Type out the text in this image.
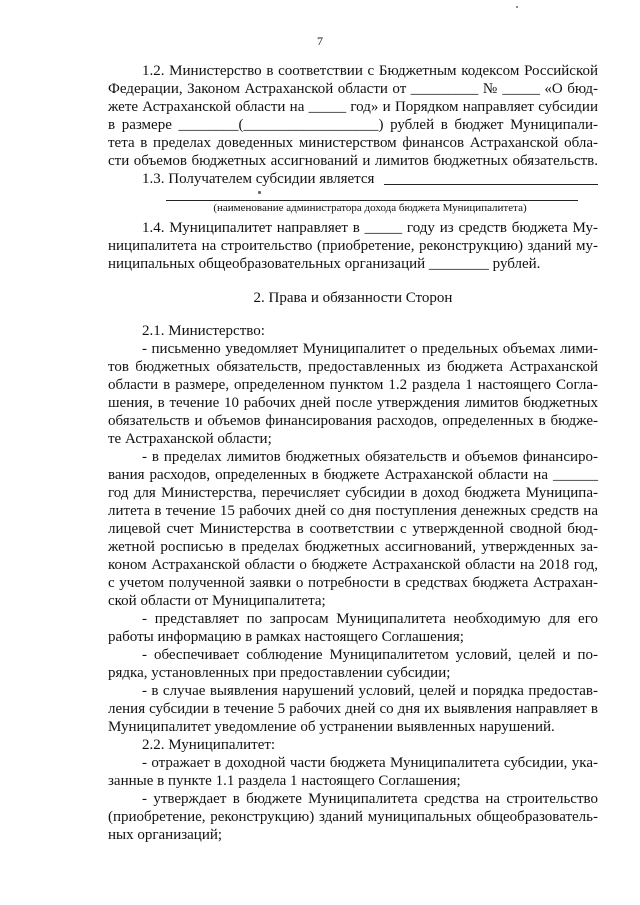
7
1.2. Министерство в соответствии с Бюджетным кодексом Российской
Федерации, Законом Астраханской области от _________ № _____ «О бюд-
жете Астраханской области на _____ год» и Порядком направляет субсидии
в размере ________(__________________) рублей в бюджет Муниципали-
тета в пределах доведенных министерством финансов Астраханской обла-
сти объемов бюджетных ассигнований и лимитов бюджетных обязательств.
1.3. Получателем субсидии является
(наименование администратора дохода бюджета Муниципалитета)
1.4. Муниципалитет направляет в _____ году из средств бюджета Му-
ниципалитета на строительство (приобретение, реконструкцию) зданий му-
ниципальных общеобразовательных организаций ________ рублей.
2. Права и обязанности Сторон
2.1. Министерство:
- письменно уведомляет Муниципалитет о предельных объемах лими-
тов бюджетных обязательств, предоставленных из бюджета Астраханской
области в размере, определенном пунктом 1.2 раздела 1 настоящего Согла-
шения, в течение 10 рабочих дней после утверждения лимитов бюджетных
обязательств и объемов финансирования расходов, определенных в бюдже-
те Астраханской области;
- в пределах лимитов бюджетных обязательств и объемов финансиро-
вания расходов, определенных в бюджете Астраханской области на ______
год для Министерства, перечисляет субсидии в доход бюджета Муниципа-
литета в течение 15 рабочих дней со дня поступления денежных средств на
лицевой счет Министерства в соответствии с утвержденной сводной бюд-
жетной росписью в пределах бюджетных ассигнований, утвержденных за-
коном Астраханской области о бюджете Астраханской области на 2018 год,
с учетом полученной заявки о потребности в средствах бюджета Астрахан-
ской области от Муниципалитета;
- представляет по запросам Муниципалитета необходимую для его
работы информацию в рамках настоящего Соглашения;
- обеспечивает соблюдение Муниципалитетом условий, целей и по-
рядка, установленных при предоставлении субсидии;
- в случае выявления нарушений условий, целей и порядка предостав-
ления субсидии в течение 5 рабочих дней со дня их выявления направляет в
Муниципалитет уведомление об устранении выявленных нарушений.
2.2. Муниципалитет:
- отражает в доходной части бюджета Муниципалитета субсидии, ука-
занные в пункте 1.1 раздела 1 настоящего Соглашения;
- утверждает в бюджете Муниципалитета средства на строительство
(приобретение, реконструкцию) зданий муниципальных общеобразователь-
ных организаций;
